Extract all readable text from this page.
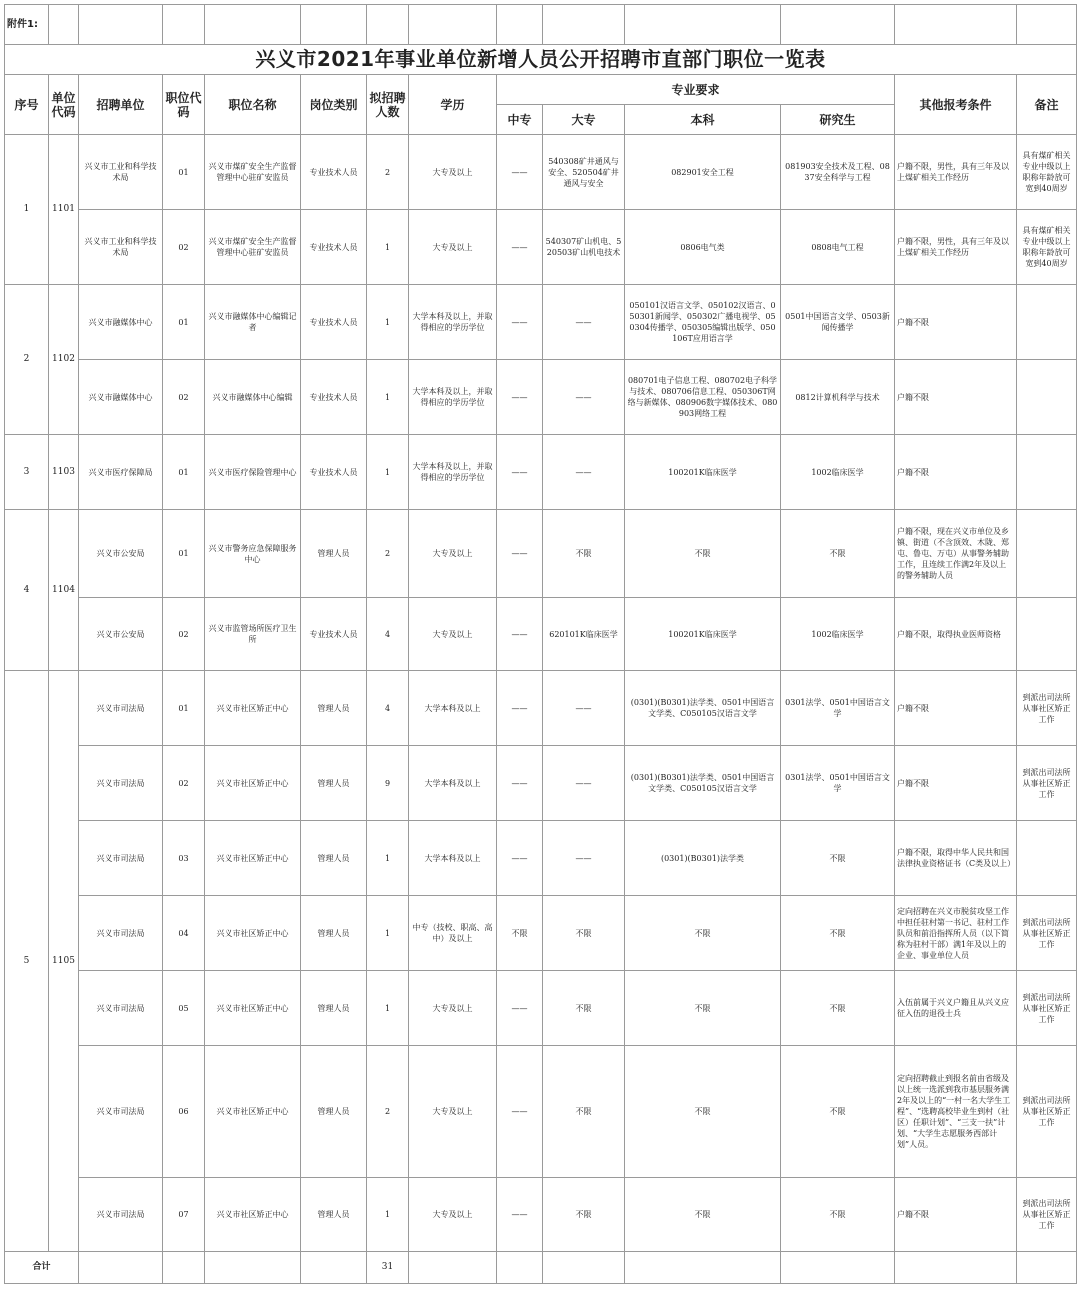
附件1:													
兴义市2021年事业单位新增人员公开招聘市直部门职位一览表													
序号	单位代码	招聘单位	职位代码	职位名称	岗位类别	拟招聘人数	学历	专业要求				其他报考条件	备注
								中专	大专	本科	研究生		
1	1101	兴义市工业和科学技术局	01	兴义市煤矿安全生产监督管理中心驻矿安监员	专业技术人员	2	大专及以上	——	540308矿井通风与安全、520504矿井通风与安全	082901安全工程	081903安全技术及工程、0837安全科学与工程	户籍不限，男性，具有三年及以上煤矿相关工作经历	具有煤矿相关专业中级以上职称年龄放可宽到40周岁
		兴义市工业和科学技术局	02	兴义市煤矿安全生产监督管理中心驻矿安监员	专业技术人员	1	大专及以上	——	540307矿山机电、520503矿山机电技术	0806电气类	0808电气工程	户籍不限，男性，具有三年及以上煤矿相关工作经历	具有煤矿相关专业中级以上职称年龄放可宽到40周岁
2	1102	兴义市融媒体中心	01	兴义市融媒体中心编辑记者	专业技术人员	1	大学本科及以上，并取得相应的学历学位	——	——	050101汉语言文学、050102汉语言、050301新闻学、050302广播电视学、050304传播学、050305编辑出版学、050106T应用语言学	0501中国语言文学、0503新闻传播学	户籍不限	
		兴义市融媒体中心	02	兴义市融媒体中心编辑	专业技术人员	1	大学本科及以上，并取得相应的学历学位	——	——	080701电子信息工程、080702电子科学与技术、080706信息工程、050306T网络与新媒体、080906数字媒体技术、080903网络工程	0812计算机科学与技术	户籍不限	
3	1103	兴义市医疗保障局	01	兴义市医疗保险管理中心	专业技术人员	1	大学本科及以上，并取得相应的学历学位	——	——	100201K临床医学	1002临床医学	户籍不限	
4	1104	兴义市公安局	01	兴义市警务应急保障服务中心	管理人员	2	大专及以上	——	不限	不限	不限	户籍不限，现在兴义市单位及乡镇、街道（不含顶效、木陇、郑屯、鲁屯、万屯）从事警务辅助工作，且连续工作满2年及以上的警务辅助人员	
		兴义市公安局	02	兴义市监管场所医疗卫生所	专业技术人员	4	大专及以上	——	620101K临床医学	100201K临床医学	1002临床医学	户籍不限，取得执业医师资格	
5	1105	兴义市司法局	01	兴义市社区矫正中心	管理人员	4	大学本科及以上	——	——	(0301)(B0301)法学类、0501中国语言文学类、C050105汉语言文学	0301法学、0501中国语言文学	户籍不限	到派出司法所从事社区矫正工作
		兴义市司法局	02	兴义市社区矫正中心	管理人员	9	大学本科及以上	——	——	(0301)(B0301)法学类、0501中国语言文学类、C050105汉语言文学	0301法学、0501中国语言文学	户籍不限	到派出司法所从事社区矫正工作
		兴义市司法局	03	兴义市社区矫正中心	管理人员	1	大学本科及以上	——	——	(0301)(B0301)法学类	不限	户籍不限，取得中华人民共和国法律执业资格证书（C类及以上）	
		兴义市司法局	04	兴义市社区矫正中心	管理人员	1	中专（技校、职高、高中）及以上	不限	不限	不限	不限	定向招聘在兴义市脱贫攻坚工作中担任驻村第一书记、驻村工作队员和前沿指挥所人员（以下简称为驻村干部）满1年及以上的企业、事业单位人员	到派出司法所从事社区矫正工作
		兴义市司法局	05	兴义市社区矫正中心	管理人员	1	大专及以上	——	不限	不限	不限	入伍前属于兴义户籍且从兴义应征入伍的退役士兵	到派出司法所从事社区矫正工作
		兴义市司法局	06	兴义市社区矫正中心	管理人员	2	大专及以上	——	不限	不限	不限	定向招聘截止到报名前由省级及以上统一选派到我市基层服务满2年及以上的“一村一名大学生工程”、“选聘高校毕业生到村（社区）任职计划”、“三支一扶”计划、“大学生志愿服务西部计划”人员。	到派出司法所从事社区矫正工作
		兴义市司法局	07	兴义市社区矫正中心	管理人员	1	大专及以上	——	不限	不限	不限	户籍不限	到派出司法所从事社区矫正工作
合计						31							
